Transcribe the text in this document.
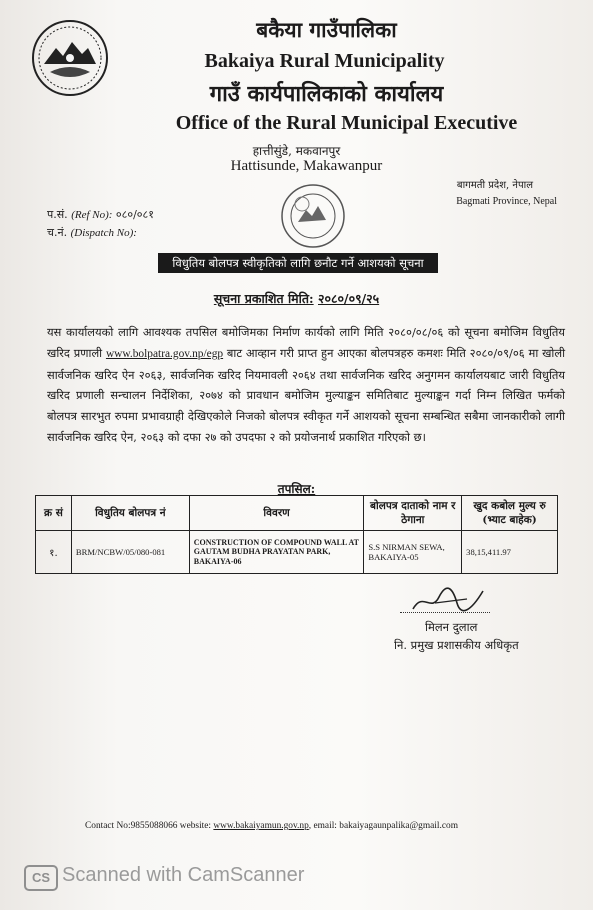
बकैया गाउँपालिका
Bakaiya Rural Municipality
गाउँ कार्यपालिकाको कार्यालय
Office of the Rural Municipal Executive
हात्तीसुंडे, मकवानपुर
Hattisunde, Makawanpur
बागमती प्रदेश, नेपाल
Bagmati Province, Nepal
प.सं. (Ref No): ०८०/०८१
च.नं. (Dispatch No):
विधुतिय बोलपत्र स्वीकृतिको लागि छनौट गर्ने आशयको सूचना
सूचना प्रकाशित मिति: २०८०/०९/२५
यस कार्यालयको लागि आवश्यक तपसिल बमोजिमका निर्माण कार्यको लागि मिति २०८०/०८/०६ को सूचना बमोजिम विधुतिय खरिद प्रणाली www.bolpatra.gov.np/egp बाट आव्हान गरी प्राप्त हुन आएका बोलपत्रहरु कमशः मिति २०८०/०९/०६ मा खोली सार्वजनिक खरिद ऐन २०६३, सार्वजनिक खरिद नियमावली २०६४ तथा सार्वजनिक खरिद अनुगमन कार्यालयबाट जारी विधुतिय खरिद प्रणाली सन्चालन निर्देशिका, २०७४ को प्रावधान बमोजिम मुल्याङ्कन समितिबाट मुल्याङ्कन गर्दा निम्न लिखित फर्मको बोलपत्र सारभुत रुपमा प्रभावग्राही देखिएकोले निजको बोलपत्र स्वीकृत गर्ने आशयको सूचना सम्बन्धित सबैमा जानकारीको लागी सार्वजनिक खरिद ऐन, २०६३ को दफा २७ को उपदफा २ को प्रयोजनार्थ प्रकाशित गरिएको छ।
तपसिल:
क्र सं	विधुतिय बोलपत्र नं	विवरण	बोलपत्र दाताको नाम र ठेगाना	खुद कबोल मुल्य रु (भ्याट बाहेक)
१.	BRM/NCBW/05/080-081	CONSTRUCTION OF COMPOUND WALL AT GAUTAM BUDHA PRAYATAN PARK, BAKAIYA-06	S.S NIRMAN SEWA, BAKAIYA-05	38,15,411.97
मिलन दुलाल
नि. प्रमुख प्रशासकीय अधिकृत
Contact No:9855088066 website: www.bakaiyamun.gov.np, email: bakaiyagaunpalika@gmail.com
CS Scanned with CamScanner
